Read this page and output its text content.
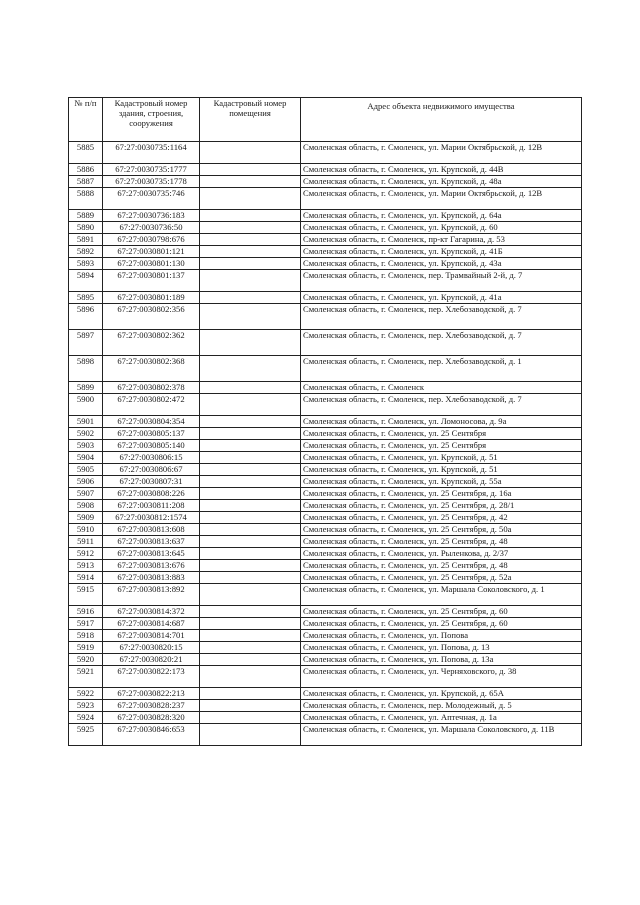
№ п/п	Кадастровый номер здания, строения, сооружения	Кадастровый номер помещения	Адрес объекта недвижимого имущества
5885	67:27:0030735:1164		Смоленская область, г. Смоленск, ул. Марии Октябрьской, д. 12В
5886	67:27:0030735:1777		Смоленская область, г. Смоленск, ул. Крупской, д. 44В
5887	67:27:0030735:1778		Смоленская область, г. Смоленск, ул. Крупской, д. 48а
5888	67:27:0030735:746		Смоленская область, г. Смоленск, ул. Марии Октябрьской, д. 12В
5889	67:27:0030736:183		Смоленская область, г. Смоленск, ул. Крупской, д. 64а
5890	67:27:0030736:50		Смоленская область, г. Смоленск, ул. Крупской, д. 60
5891	67:27:0030798:676		Смоленская область, г. Смоленск, пр-кт Гагарина, д. 53
5892	67:27:0030801:121		Смоленская область, г. Смоленск, ул. Крупской, д. 41Б
5893	67:27:0030801:130		Смоленская область, г. Смоленск, ул. Крупской, д. 43а
5894	67:27:0030801:137		Смоленская область, г. Смоленск, пер. Трамвайный 2-й, д. 7
5895	67:27:0030801:189		Смоленская область, г. Смоленск, ул. Крупской, д. 41а
5896	67:27:0030802:356		Смоленская область, г. Смоленск, пер. Хлебозаводской, д. 7
5897	67:27:0030802:362		Смоленская область, г. Смоленск, пер. Хлебозаводской, д. 7
5898	67:27:0030802:368		Смоленская область, г. Смоленск, пер. Хлебозаводской, д. 1
5899	67:27:0030802:378		Смоленская область, г. Смоленск
5900	67:27:0030802:472		Смоленская область, г. Смоленск, пер. Хлебозаводской, д. 7
5901	67:27:0030804:354		Смоленская область, г. Смоленск, ул. Ломоносова, д. 9а
5902	67:27:0030805:137		Смоленская область, г. Смоленск, ул. 25 Сентября
5903	67:27:0030805:140		Смоленская область, г. Смоленск, ул. 25 Сентября
5904	67:27:0030806:15		Смоленская область, г. Смоленск, ул. Крупской, д. 51
5905	67:27:0030806:67		Смоленская область, г. Смоленск, ул. Крупской, д. 51
5906	67:27:0030807:31		Смоленская область, г. Смоленск, ул. Крупской, д. 55а
5907	67:27:0030808:226		Смоленская область, г. Смоленск, ул. 25 Сентября, д. 16а
5908	67:27:0030811:208		Смоленская область, г. Смоленск, ул. 25 Сентября, д. 28/1
5909	67:27:0030812:1574		Смоленская область, г. Смоленск, ул. 25 Сентября, д. 42
5910	67:27:0030813:608		Смоленская область, г. Смоленск, ул. 25 Сентября, д. 50а
5911	67:27:0030813:637		Смоленская область, г. Смоленск, ул. 25 Сентября, д. 48
5912	67:27:0030813:645		Смоленская область, г. Смоленск, ул. Рыленкова, д. 2/37
5913	67:27:0030813:676		Смоленская область, г. Смоленск, ул. 25 Сентября, д. 48
5914	67:27:0030813:883		Смоленская область, г. Смоленск, ул. 25 Сентября, д. 52а
5915	67:27:0030813:892		Смоленская область, г. Смоленск, ул. Маршала Соколовского, д. 1
5916	67:27:0030814:372		Смоленская область, г. Смоленск, ул. 25 Сентября, д. 60
5917	67:27:0030814:687		Смоленская область, г. Смоленск, ул. 25 Сентября, д. 60
5918	67:27:0030814:701		Смоленская область, г. Смоленск, ул. Попова
5919	67:27:0030820:15		Смоленская область, г. Смоленск, ул. Попова, д. 13
5920	67:27:0030820:21		Смоленская область, г. Смоленск, ул. Попова, д. 13а
5921	67:27:0030822:173		Смоленская область, г. Смоленск, ул. Черняховского, д. 38
5922	67:27:0030822:213		Смоленская область, г. Смоленск, ул. Крупской, д. 65А
5923	67:27:0030828:237		Смоленская область, г. Смоленск, пер. Молодежный, д. 5
5924	67:27:0030828:320		Смоленская область, г. Смоленск, ул. Аптечная, д. 1а
5925	67:27:0030846:653		Смоленская область, г. Смоленск, ул. Маршала Соколовского, д. 11В
